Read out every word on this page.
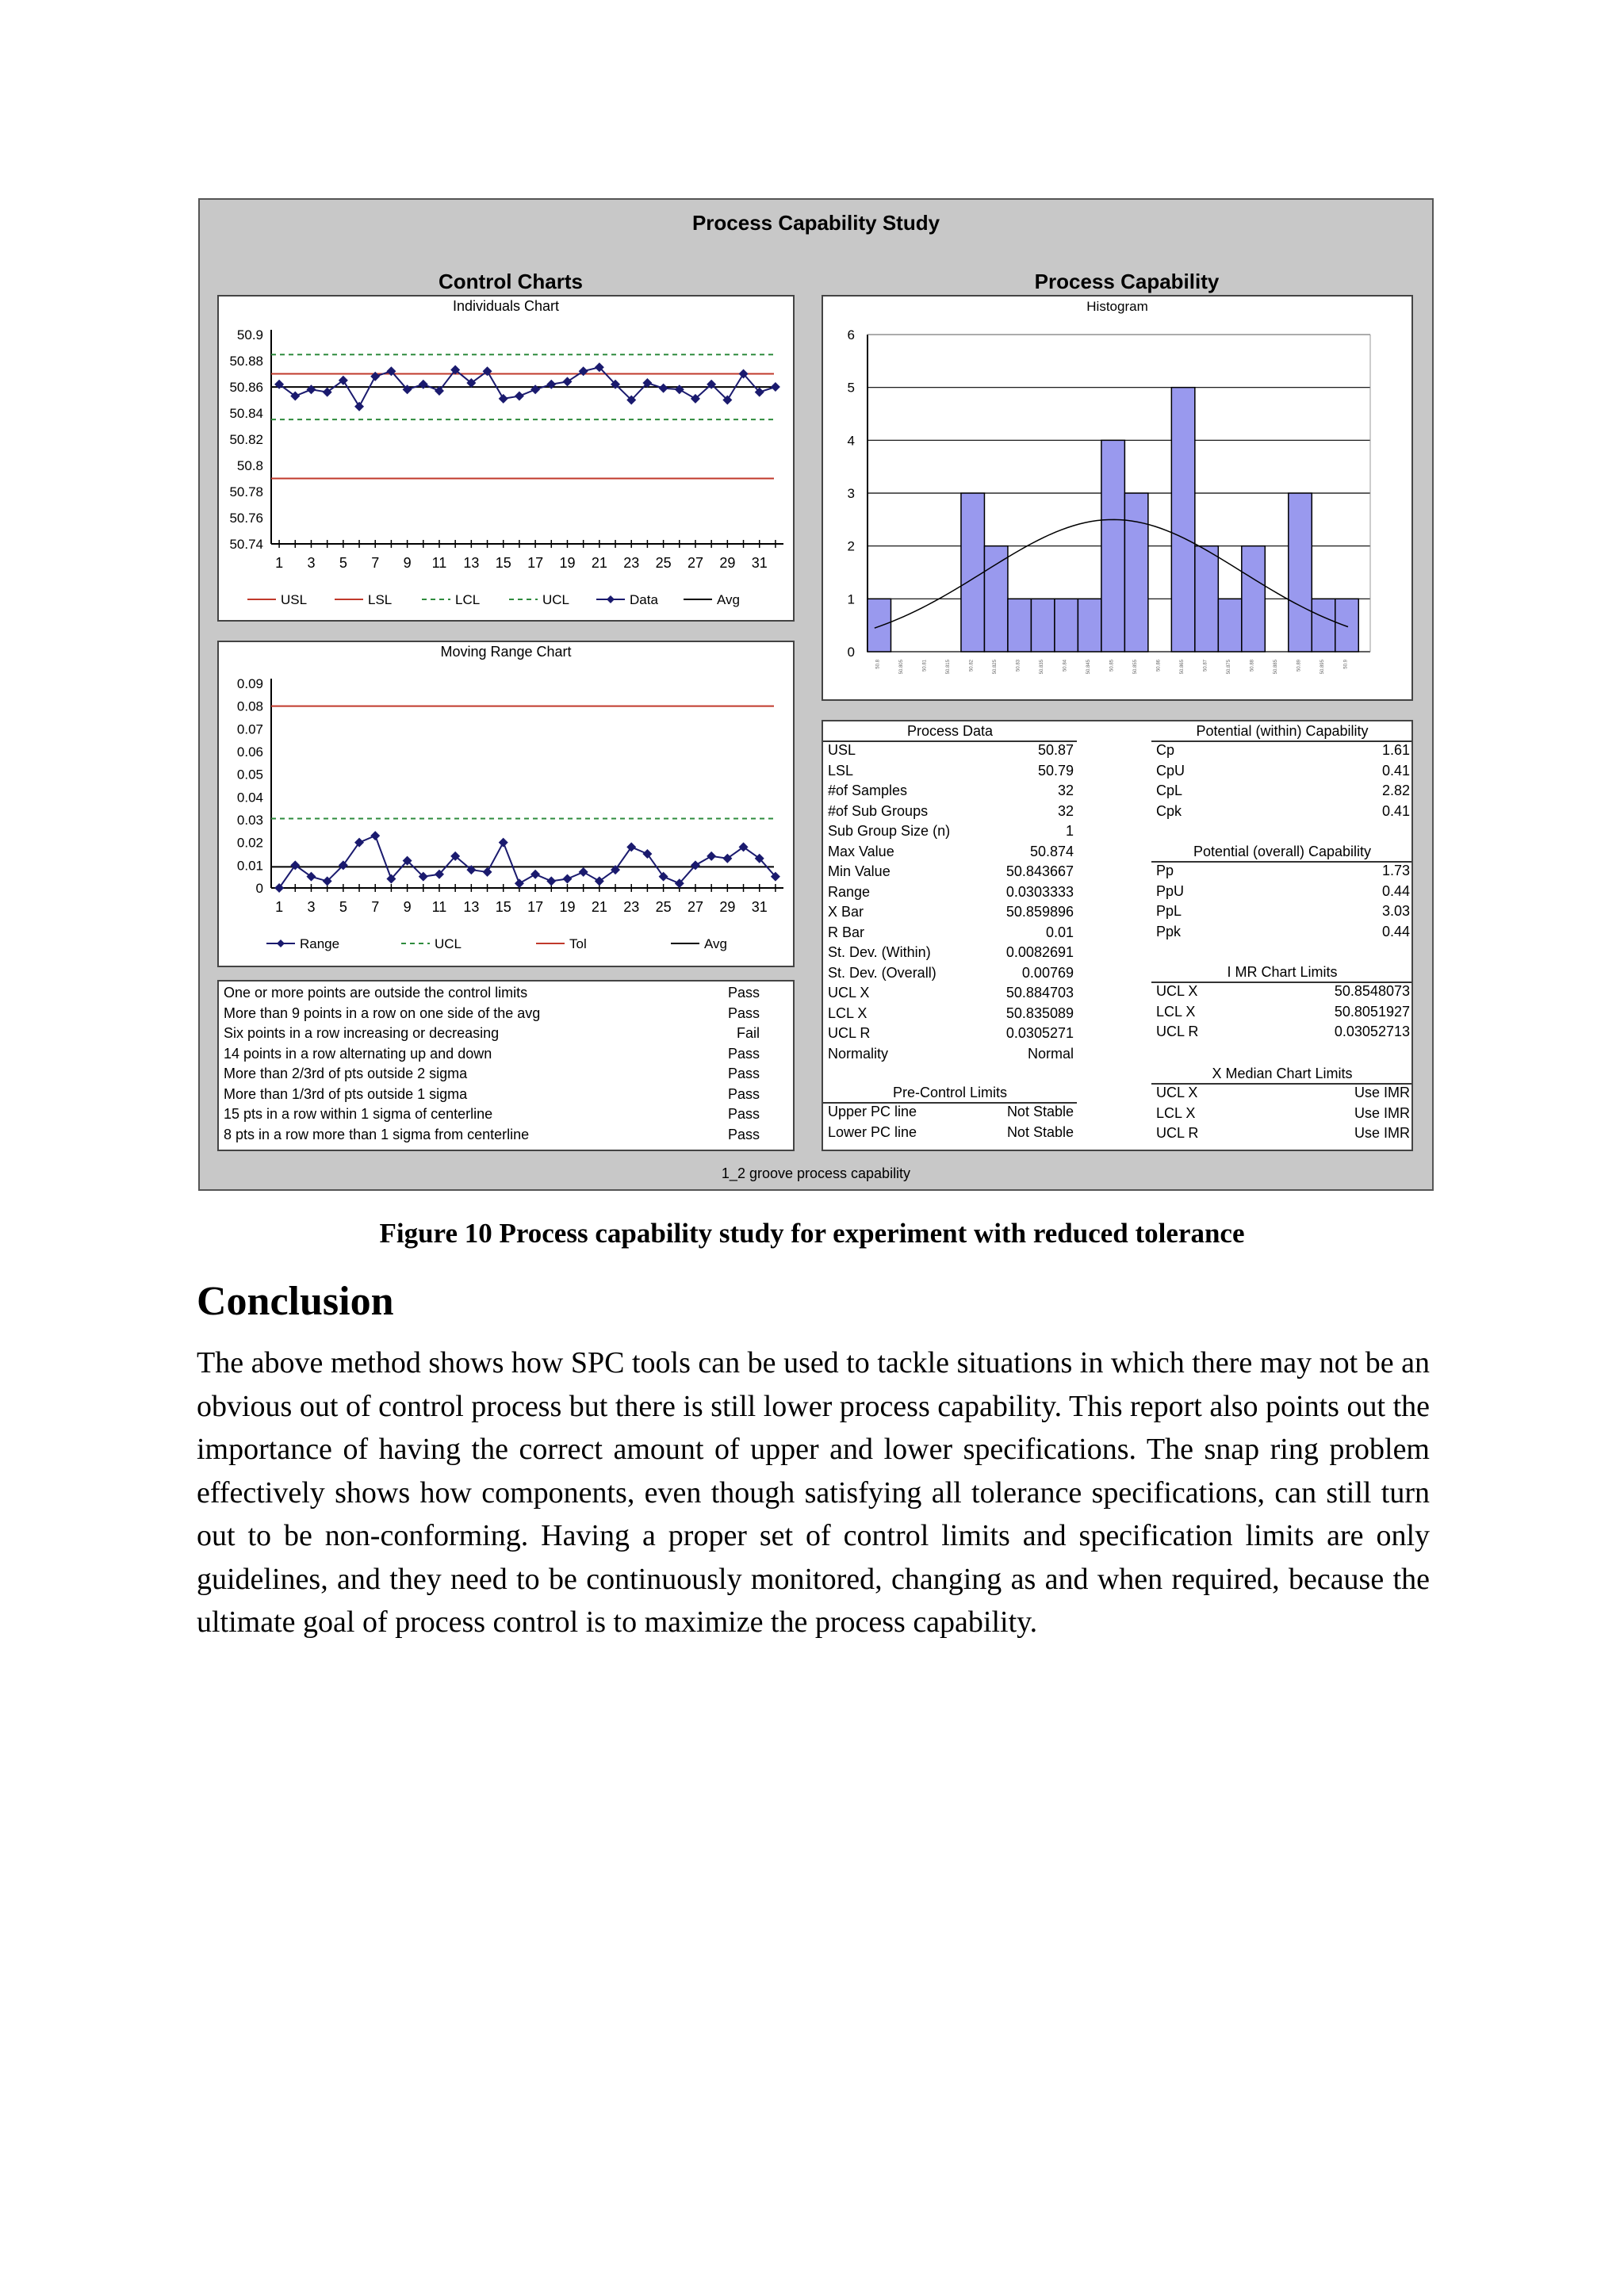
Process Capability Study
Control Charts	Process Capability
Individuals Chart
50.9
50.88
50.86
50.84
50.82
50.8
50.78
50.76
50.74
1 3 5 7 9 11 13 15 17 19 21 23 25 27 29 31
USL	LSL	LCL	UCL	Data	Avg
Moving Range Chart
0.09
0.08
0.07
0.06
0.05
0.04
0.03
0.02
0.01
0
1 3 5 7 9 11 13 15 17 19 21 23 25 27 29 31
Range	UCL	Tol	Avg
Histogram
6
5
4
3
2
1
0
50.8	50.805	50.81	50.815	50.82	50.825	50.83	50.835	50.84	50.845	50.85	50.855	50.86	50.865	50.87	50.875	50.88	50.885	50.89	50.895	50.9
One or more points are outside the control limits	Pass
More than 9 points in a row on one side of the avg	Pass
Six points in a row increasing or decreasing	Fail
14 points in a row alternating up and down	Pass
More than 2/3rd of pts outside 2 sigma	Pass
More than 1/3rd of pts outside 1 sigma	Pass
15 pts in a row within 1 sigma of centerline	Pass
8 pts in a row more than 1 sigma from centerline	Pass
Process Data
USL	50.87
LSL	50.79
#of Samples	32
#of Sub Groups	32
Sub Group Size (n)	1
Max Value	50.874
Min Value	50.843667
Range	0.0303333
X Bar	50.859896
R Bar	0.01
St. Dev. (Within)	0.0082691
St. Dev. (Overall)	0.00769
UCL X	50.884703
LCL X	50.835089
UCL R	0.0305271
Normality	Normal
Pre-Control Limits
Upper PC line	Not Stable
Lower PC line	Not Stable
Potential (within) Capability
Cp	1.61
CpU	0.41
CpL	2.82
Cpk	0.41
Potential (overall) Capability
Pp	1.73
PpU	0.44
PpL	3.03
Ppk	0.44
I MR Chart Limits
UCL X	50.8548073
LCL X	50.8051927
UCL R	0.03052713
X Median Chart Limits
UCL X	Use IMR
LCL X	Use IMR
UCL R	Use IMR
1_2 groove process capability
Figure 10 Process capability study for experiment with reduced tolerance
Conclusion
The above method shows how SPC tools can be used to tackle situations in which there may not be an obvious out of control process but there is still lower process capability. This report also points out the importance of having the correct amount of upper and lower specifications. The snap ring problem effectively shows how components, even though satisfying all tolerance specifications, can still turn out to be non-conforming. Having a proper set of control limits and specification limits are only guidelines, and they need to be continuously monitored, changing as and when required, because the ultimate goal of process control is to maximize the process capability.
